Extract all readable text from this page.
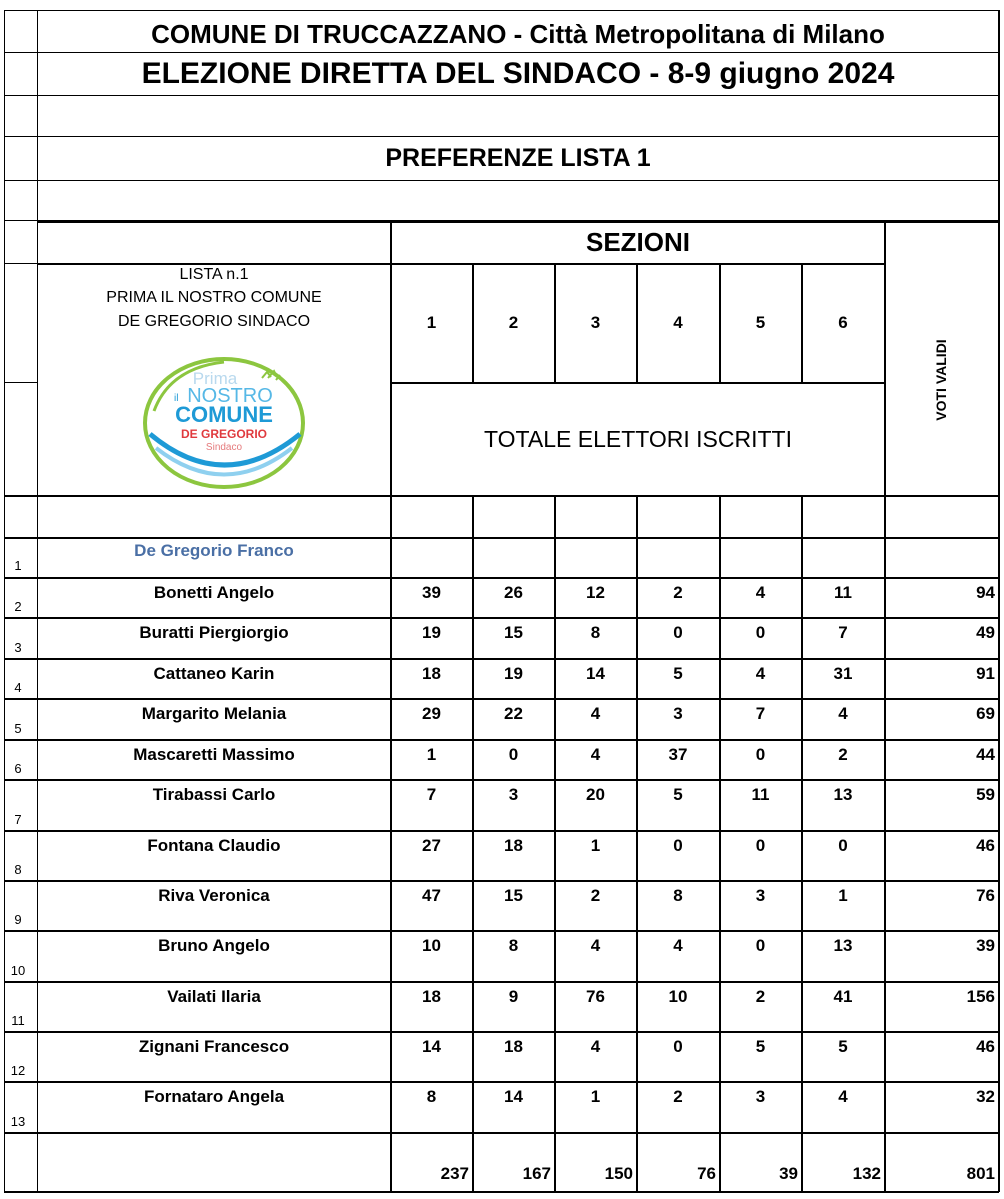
COMUNE DI TRUCCAZZANO - Città Metropolitana di Milano
ELEZIONE DIRETTA DEL SINDACO - 8-9 giugno 2024
PREFERENZE LISTA 1
SEZIONI
LISTA n.1
PRIMA IL NOSTRO COMUNE
DE GREGORIO SINDACO
Prima
il NOSTRO
COMUNE
DE GREGORIO
Sindaco
1	2	3	4	5	6
TOTALE ELETTORI ISCRITTI
VOTI VALIDI
1
De Gregorio Franco
2
Bonetti Angelo	39	26	12	2	4	11	94
3
Buratti Piergiorgio	19	15	8	0	0	7	49
4
Cattaneo Karin	18	19	14	5	4	31	91
5
Margarito Melania	29	22	4	3	7	4	69
6
Mascaretti Massimo	1	0	4	37	0	2	44
7
Tirabassi Carlo	7	3	20	5	11	13	59
8
Fontana Claudio	27	18	1	0	0	0	46
9
Riva Veronica	47	15	2	8	3	1	76
10
Bruno Angelo	10	8	4	4	0	13	39
11
Vailati Ilaria	18	9	76	10	2	41	156
12
Zignani Francesco	14	18	4	0	5	5	46
13
Fornataro Angela	8	14	1	2	3	4	32
237	167	150	76	39	132	801
